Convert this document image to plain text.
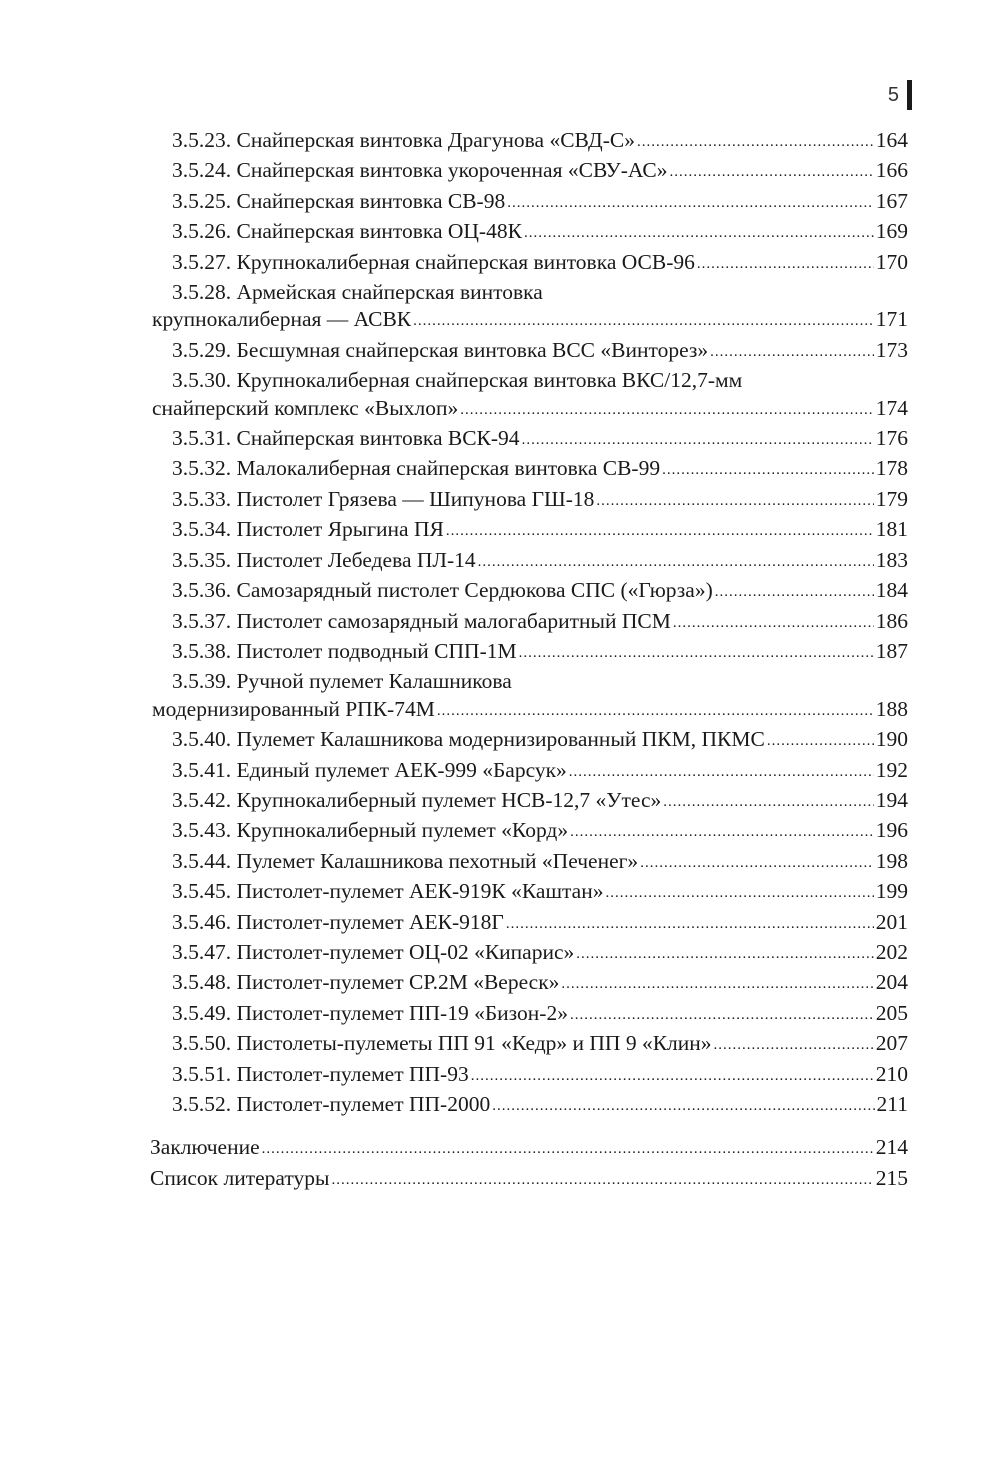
5
3.5.23. Снайперская винтовка Драгунова «СВД-С» .....	164
3.5.24. Снайперская винтовка укороченная «СВУ-АС» .....	166
3.5.25. Снайперская винтовка СВ-98 .....	167
3.5.26. Снайперская винтовка ОЦ-48К .....	169
3.5.27. Крупнокалиберная снайперская винтовка ОСВ-96 .....	170
3.5.28. Армейская снайперская винтовка
крупнокалиберная — АСВК .....	171
3.5.29. Бесшумная снайперская винтовка ВСС «Винторез» .....	173
3.5.30. Крупнокалиберная снайперская винтовка ВКС/12,7-мм
снайперский комплекс «Выхлоп» .....	174
3.5.31. Снайперская винтовка ВСК-94 .....	176
3.5.32. Малокалиберная снайперская винтовка СВ-99 .....	178
3.5.33. Пистолет Грязева — Шипунова ГШ-18 .....	179
3.5.34. Пистолет Ярыгина ПЯ .....	181
3.5.35. Пистолет Лебедева ПЛ-14 .....	183
3.5.36. Самозарядный пистолет Сердюкова СПС («Гюрза») .....	184
3.5.37. Пистолет самозарядный малогабаритный ПСМ .....	186
3.5.38. Пистолет подводный СПП-1М .....	187
3.5.39. Ручной пулемет Калашникова
модернизированный РПК-74М .....	188
3.5.40. Пулемет Калашникова модернизированный ПКМ, ПКМС .....	190
3.5.41. Единый пулемет АЕК-999 «Барсук» .....	192
3.5.42. Крупнокалиберный пулемет НСВ-12,7 «Утес» .....	194
3.5.43. Крупнокалиберный пулемет «Корд» .....	196
3.5.44. Пулемет Калашникова пехотный «Печенег» .....	198
3.5.45. Пистолет-пулемет АЕК-919К «Каштан» .....	199
3.5.46. Пистолет-пулемет АЕК-918Г .....	201
3.5.47. Пистолет-пулемет ОЦ-02 «Кипарис» .....	202
3.5.48. Пистолет-пулемет СР.2М «Вереск» .....	204
3.5.49. Пистолет-пулемет ПП-19 «Бизон-2» .....	205
3.5.50. Пистолеты-пулеметы ПП 91 «Кедр» и ПП 9 «Клин» .....	207
3.5.51. Пистолет-пулемет ПП-93 .....	210
3.5.52. Пистолет-пулемет ПП-2000 .....	211
Заключение .....	214
Список литературы .....	215
